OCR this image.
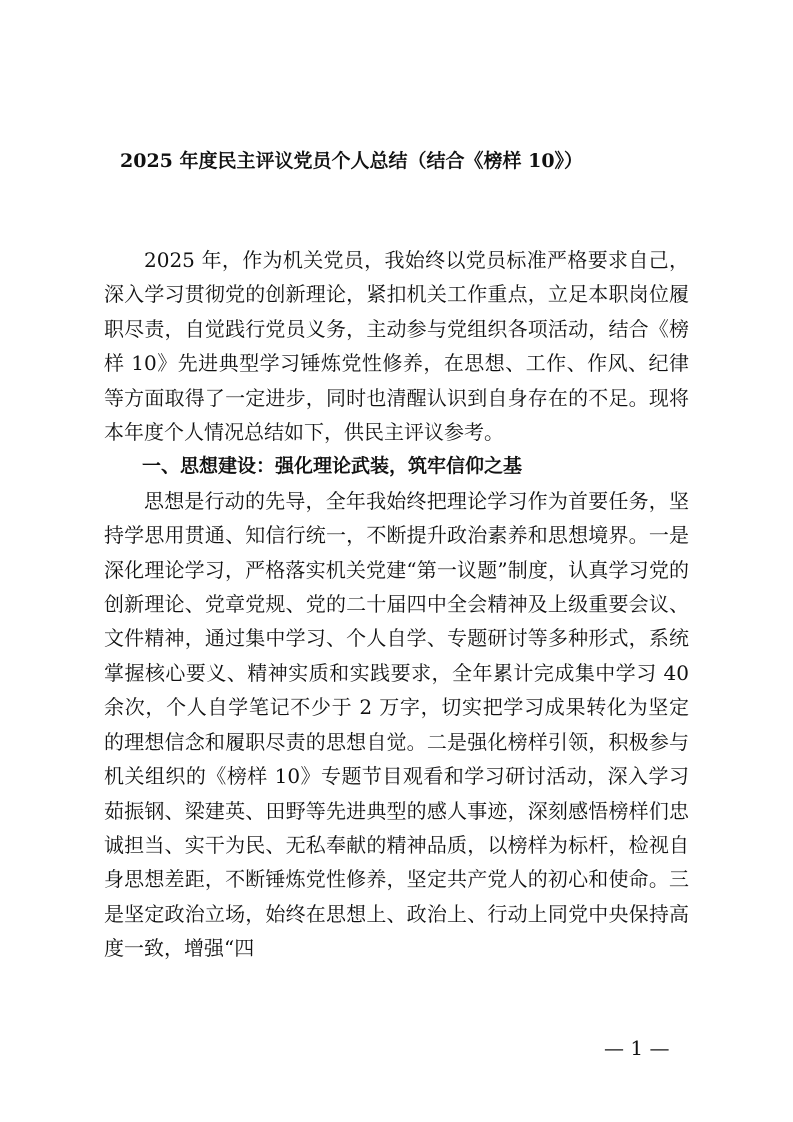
2025 年度民主评议党员个人总结（结合《榜样 10》）

2025 年，作为机关党员，我始终以党员标准严格要求自己，深入学习贯彻党的创新理论，紧扣机关工作重点，立足本职岗位履职尽责，自觉践行党员义务，主动参与党组织各项活动，结合《榜样 10》先进典型学习锤炼党性修养，在思想、工作、作风、纪律等方面取得了一定进步，同时也清醒认识到自身存在的不足。现将本年度个人情况总结如下，供民主评议参考。

一、思想建设：强化理论武装，筑牢信仰之基

思想是行动的先导，全年我始终把理论学习作为首要任务，坚持学思用贯通、知信行统一，不断提升政治素养和思想境界。一是深化理论学习，严格落实机关党建“第一议题”制度，认真学习党的创新理论、党章党规、党的二十届四中全会精神及上级重要会议、文件精神，通过集中学习、个人自学、专题研讨等多种形式，系统掌握核心要义、精神实质和实践要求，全年累计完成集中学习 40 余次，个人自学笔记不少于 2 万字，切实把学习成果转化为坚定的理想信念和履职尽责的思想自觉。二是强化榜样引领，积极参与机关组织的《榜样 10》专题节目观看和学习研讨活动，深入学习茹振钢、梁建英、田野等先进典型的感人事迹，深刻感悟榜样们忠诚担当、实干为民、无私奉献的精神品质，以榜样为标杆，检视自身思想差距，不断锤炼党性修养，坚定共产党人的初心和使命。三是坚定政治立场，始终在思想上、政治上、行动上同党中央保持高度一致，增强“四

— 1 —
